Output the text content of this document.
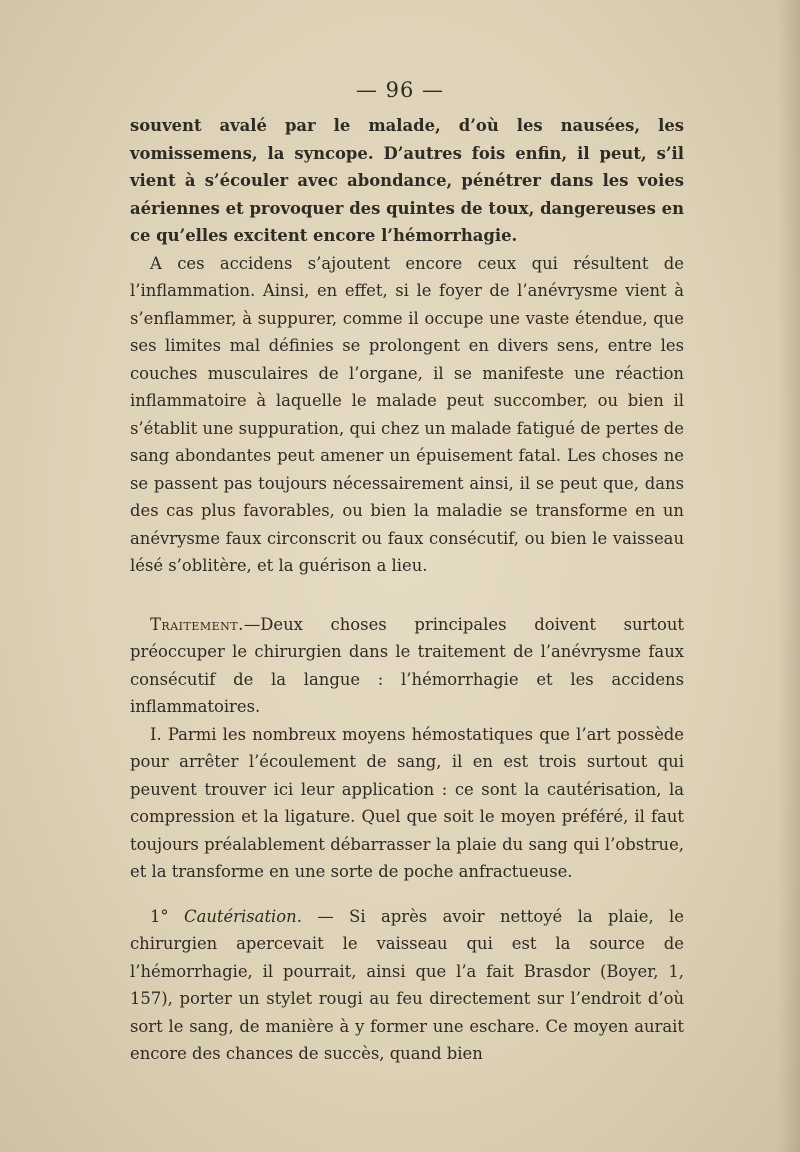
— 96 —

souvent avalé par le malade, d’où les nausées, les vomissemens, la syncope. D’autres fois enfin, il peut, s’il vient à s’écouler avec abondance, pénétrer dans les voies aériennes et provoquer des quintes de toux, dangereuses en ce qu’elles excitent encore l’hémorrhagie.

A ces accidens s’ajoutent encore ceux qui résultent de l’inflammation. Ainsi, en effet, si le foyer de l’anévrysme vient à s’enflammer, à suppurer, comme il occupe une vaste étendue, que ses limites mal définies se prolongent en divers sens, entre les couches musculaires de l’organe, il se manifeste une réaction inflammatoire à laquelle le malade peut succomber, ou bien il s’établit une suppuration, qui chez un malade fatigué de pertes de sang abondantes peut amener un épuisement fatal. Les choses ne se passent pas toujours nécessairement ainsi, il se peut que, dans des cas plus favorables, ou bien la maladie se transforme en un anévrysme faux circonscrit ou faux consécutif, ou bien le vaisseau lésé s’oblitère, et la guérison a lieu.

Traitement.—Deux choses principales doivent surtout préoccuper le chirurgien dans le traitement de l’anévrysme faux consécutif de la langue : l’hémorrhagie et les accidens inflammatoires.

I. Parmi les nombreux moyens hémostatiques que l’art possède pour arrêter l’écoulement de sang, il en est trois surtout qui peuvent trouver ici leur application : ce sont la cautérisation, la compression et la ligature. Quel que soit le moyen préféré, il faut toujours préalablement débarrasser la plaie du sang qui l’obstrue, et la transforme en une sorte de poche anfractueuse.

1° Cautérisation. — Si après avoir nettoyé la plaie, le chirurgien apercevait le vaisseau qui est la source de l’hémorrhagie, il pourrait, ainsi que l’a fait Brasdor (Boyer, 1, 157), porter un stylet rougi au feu directement sur l’endroit d’où sort le sang, de manière à y former une eschare. Ce moyen aurait encore des chances de succès, quand bien
